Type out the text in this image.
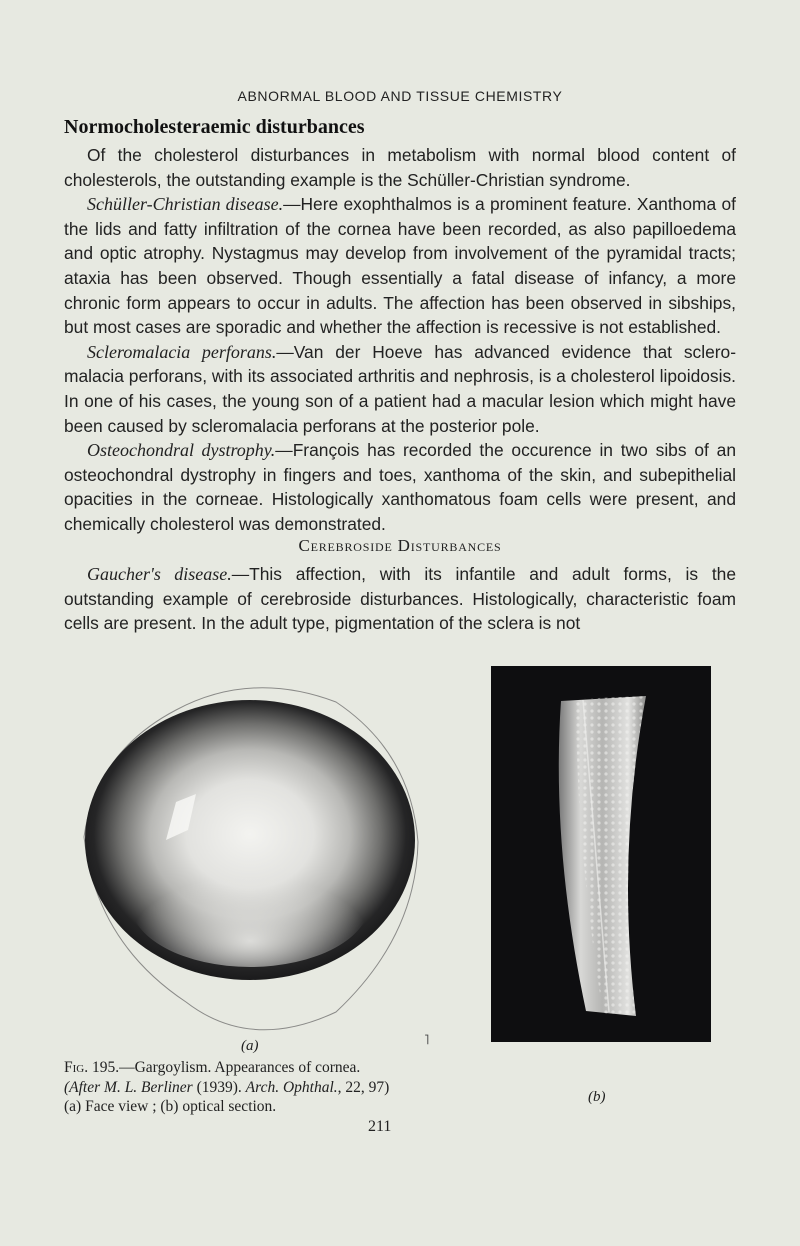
ABNORMAL BLOOD AND TISSUE CHEMISTRY
Normocholesteraemic disturbances

Of the cholesterol disturbances in metabolism with normal blood content of cholesterols, the outstanding example is the Schüller-Christian syndrome.

Schüller-Christian disease.—Here exophthalmos is a prominent feature. Xanthoma of the lids and fatty infiltration of the cornea have been recorded, as also papilloedema and optic atrophy. Nystagmus may develop from involvement of the pyramidal tracts; ataxia has been observed. Though essentially a fatal disease of infancy, a more chronic form appears to occur in adults. The affection has been observed in sibships, but most cases are sporadic and whether the affection is recessive is not established.

Scleromalacia perforans.—Van der Hoeve has advanced evidence that sclero-malacia perforans, with its associated arthritis and nephrosis, is a cholesterol lipoidosis. In one of his cases, the young son of a patient had a macular lesion which might have been caused by scleromalacia perforans at the posterior pole.

Osteochondral dystrophy.—François has recorded the occurence in two sibs of an osteochondral dystrophy in fingers and toes, xanthoma of the skin, and subepithelial opacities in the corneae. Histologically xanthomatous foam cells were present, and chemically cholesterol was demonstrated.

Cerebroside Disturbances

Gaucher's disease.—This affection, with its infantile and adult forms, is the outstanding example of cerebroside disturbances. Histologically, characteristic foam cells are present. In the adult type, pigmentation of the sclera is not

(a)	˥
(b)
Fig. 195.—Gargoylism. Appearances of cornea.
(After M. L. Berliner (1939). Arch. Ophthal., 22, 97)
(a) Face view ; (b) optical section.
211
